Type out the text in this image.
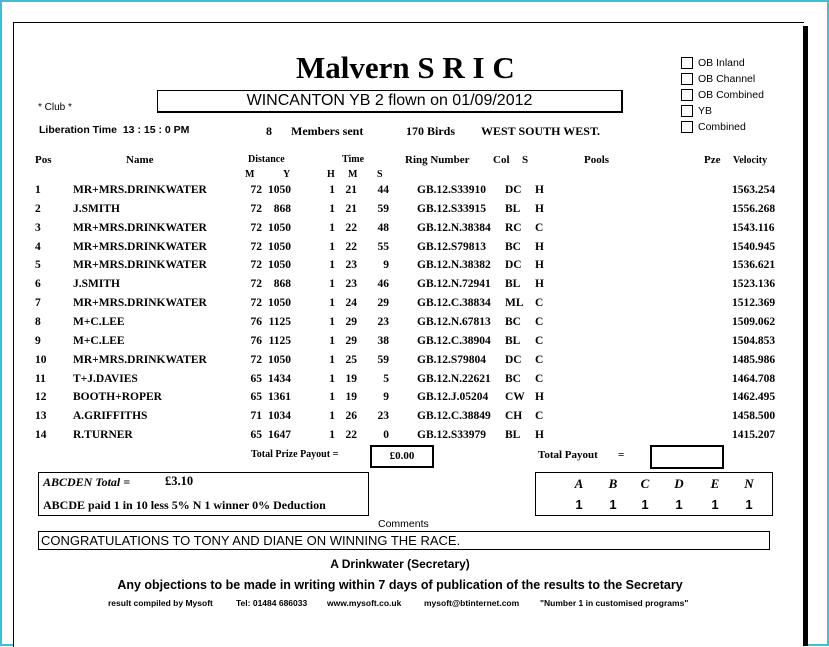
Malvern S R I C
* Club *	WINCANTON YB 2 flown on 01/09/2012
OB Inland
OB Channel
OB Combined
YB
Combined
Liberation Time 13 : 15 : 0 PM	8 Members sent	170 Birds WEST SOUTH WEST.
Pos	Name	Distance
M	Y
Time
H M S
Ring Number Col S	Pools	Pze Velocity
1	MR+MRS.DRINKWATER	72 1050	1 21	44 GB.12.S33910 DC H	1563.254
2	J.SMITH	72	868	1 21	59 GB.12.S33915 BL H	1556.268
3	MR+MRS.DRINKWATER	72 1050	1 22	48 GB.12.N.38384 RC C	1543.116
4	MR+MRS.DRINKWATER	72 1050	1 22	55 GB.12.S79813 BC H	1540.945
5	MR+MRS.DRINKWATER	72 1050	1 23	9 GB.12.N.38382 DC H	1536.621
6	J.SMITH	72	868	1 23	46 GB.12.N.72941 BL H	1523.136
7	MR+MRS.DRINKWATER	72 1050	1 24	29 GB.12.C.38834 ML C	1512.369
8	M+C.LEE	76 1125	1 29	23 GB.12.N.67813 BC C	1509.062
9	M+C.LEE	76 1125	1 29	38 GB.12.C.38904 BL C	1504.853
10 MR+MRS.DRINKWATER	72 1050	1 25	59 GB.12.S79804 DC C	1485.986
11 T+J.DAVIES	65 1434	1 19	5 GB.12.N.22621 BC C	1464.708
12 BOOTH+ROPER	65 1361	1 19	9 GB.12.J.05204 CW H	1462.495
13 A.GRIFFITHS	71 1034	1 26	23 GB.12.C.38849 CH C	1458.500
14 R.TURNER	65 1647	1 22	0 GB.12.S33979 BL H	1415.207
Total Prize Payout =	£0.00	Total Payout =
ABCDEN Total =	£3.10
ABCDE paid 1 in 10 less 5% N 1 winner 0% Deduction
A
1
B
1
C
1
D
1
E
1
N
1
Comments
CONGRATULATIONS TO TONY AND DIANE ON WINNING THE RACE.
A Drinkwater (Secretary)
Any objections to be made in writing within 7 days of publication of the results to the Secretary
result compiled by Mysoft	Tel: 01484 686033 www.mysoft.co.uk	mysoft@btinternet.com "Number 1 in customised programs"
